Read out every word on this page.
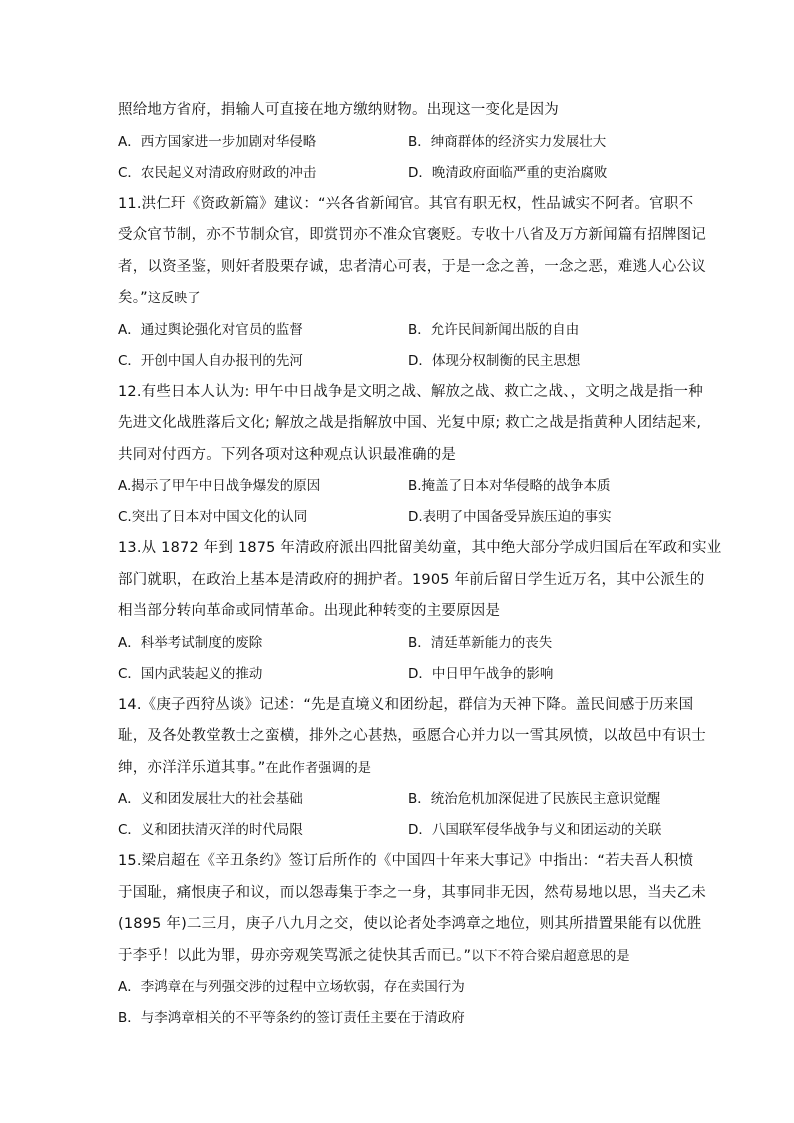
照给地方省府，捐输人可直接在地方缴纳财物。出现这一变化是因为
A．西方国家进一步加剧对华侵略	B．绅商群体的经济实力发展壮大
C．农民起义对清政府财政的冲击	D．晚清政府面临严重的吏治腐败
11.洪仁玕《资政新篇》建议：“兴各省新闻官。其官有职无权，性品诚实不阿者。官职不
受众官节制，亦不节制众官，即赏罚亦不准众官褒贬。专收十八省及万方新闻篇有招牌图记
者，以资圣鉴，则奸者股栗存诚，忠者清心可表，于是一念之善，一念之恶，难逃人心公议
矣。”这反映了
A．通过舆论强化对官员的监督	B．允许民间新闻出版的自由
C．开创中国人自办报刊的先河	D．体现分权制衡的民主思想
12.有些日本人认为: 甲午中日战争是文明之战、解放之战、救亡之战、，文明之战是指一种
先进文化战胜落后文化; 解放之战是指解放中国、光复中原; 救亡之战是指黄种人团结起来,
共同对付西方。下列各项对这种观点认识最准确的是
A.揭示了甲午中日战争爆发的原因	B.掩盖了日本对华侵略的战争本质
C.突出了日本对中国文化的认同	D.表明了中国备受异族压迫的事实
13.从 1872 年到 1875 年清政府派出四批留美幼童，其中绝大部分学成归国后在军政和实业
部门就职，在政治上基本是清政府的拥护者。1905 年前后留日学生近万名，其中公派生的
相当部分转向革命或同情革命。出现此种转变的主要原因是
A．科举考试制度的废除	B．清廷革新能力的丧失
C．国内武装起义的推动	D．中日甲午战争的影响
14.《庚子西狩丛谈》记述：“先是直境义和团纷起，群信为天神下降。盖民间感于历来国
耻，及各处教堂教士之蛮横，排外之心甚热，亟愿合心并力以一雪其夙愤，以故邑中有识士
绅，亦洋洋乐道其事。”在此作者强调的是
A．义和团发展壮大的社会基础	B．统治危机加深促进了民族民主意识觉醒
C．义和团扶清灭洋的时代局限	D．八国联军侵华战争与义和团运动的关联
15.梁启超在《辛丑条约》签订后所作的《中国四十年来大事记》中指出：“若夫吾人积愤
于国耻，痛恨庚子和议，而以怨毒集于李之一身，其事同非无因，然苟易地以思，当夫乙未
(1895 年)二三月，庚子八九月之交，使以论者处李鸿章之地位，则其所措置果能有以优胜
于李乎！以此为罪，毋亦旁观笑骂派之徒快其舌而已。”以下不符合梁启超意思的是
A．李鸿章在与列强交涉的过程中立场软弱，存在卖国行为
B．与李鸿章相关的不平等条约的签订责任主要在于清政府
